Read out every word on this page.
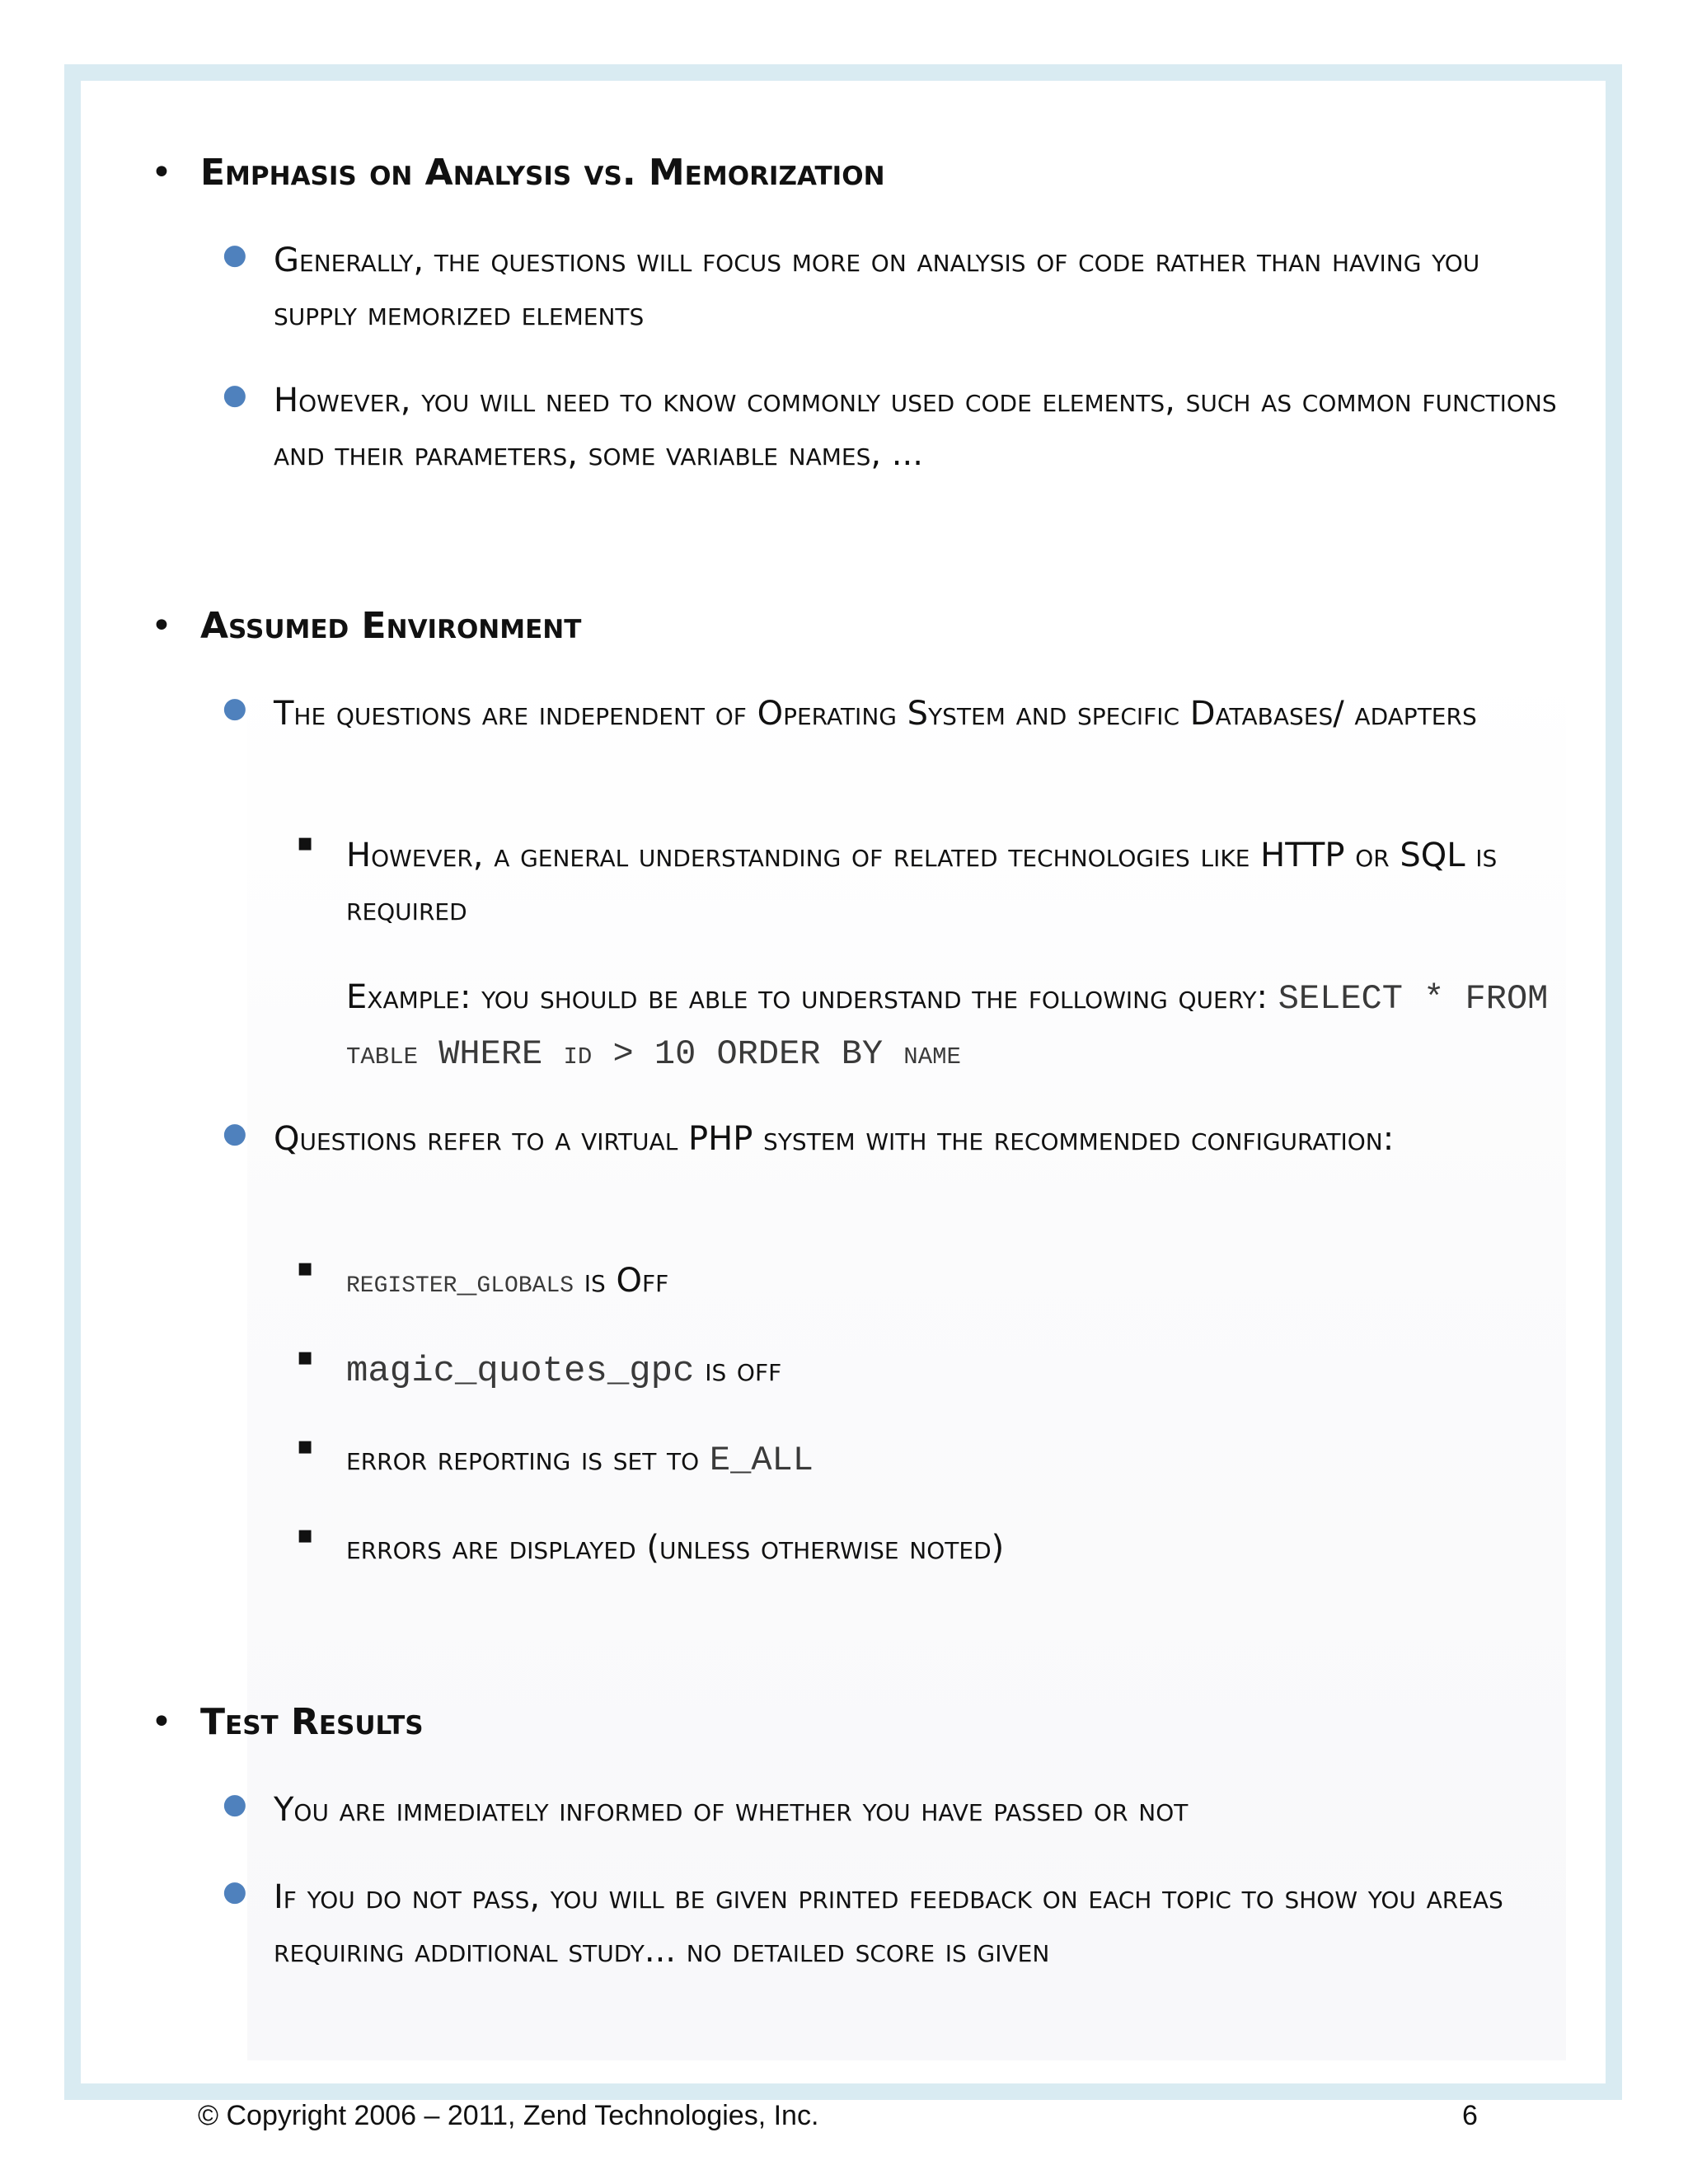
• Emphasis on Analysis vs. Memorization
● Generally, the questions will focus more on analysis of code rather than having you supply memorized elements
● However, you will need to know commonly used code elements, such as common functions and their parameters, some variable names, ...
• Assumed Environment
● The questions are independent of Operating System and specific Databases/ adapters
▪ However, a general understanding of related technologies like HTTP or SQL is required
Example: you should be able to understand the following query: SELECT * FROM table WHERE id > 10 ORDER BY name
● Questions refer to a virtual PHP system with the recommended configuration:
▪ register_globals is Off
▪ magic_quotes_gpc is off
▪ error reporting is set to E_ALL
▪ errors are displayed (unless otherwise noted)
• Test Results
● You are immediately informed of whether you have passed or not
● If you do not pass, you will be given printed feedback on each topic to show you areas requiring additional study... no detailed score is given
© Copyright 2006 – 2011, Zend Technologies, Inc.	6
